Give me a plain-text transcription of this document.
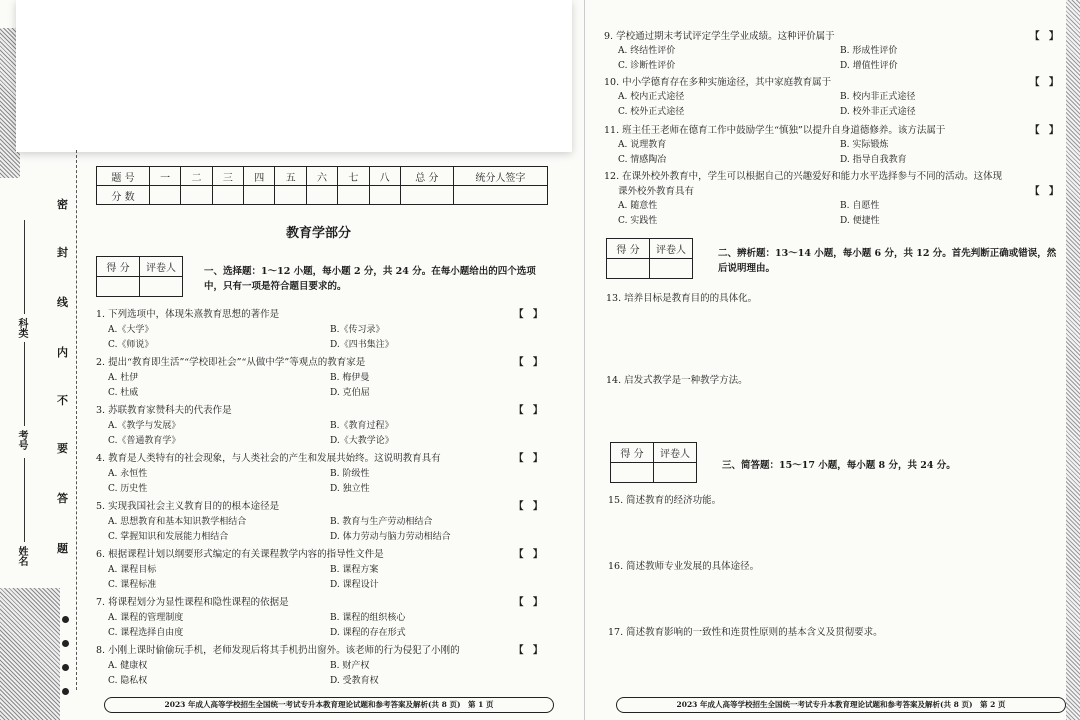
科类
考号
姓名
密
封
线
内
不
要
答
题
题 号	一	二	三	四	五	六	七	八	总 分	统分人签字
分 数										
教育学部分
得 分	评卷人
		一、选择题：1～12 小题，每小题 2 分，共 24 分。在每小题给出的四个选项中，只有一项是符合题目要求的。
1. 下列选项中，体现朱熹教育思想的著作是	【　】
A.《大学》	B.《传习录》
C.《师说》	D.《四书集注》
2. 提出“教育即生活”“学校即社会”“从做中学”等观点的教育家是	【　】
A. 杜伊	B. 梅伊曼
C. 杜威	D. 克伯屈
3. 苏联教育家赞科夫的代表作是	【　】
A.《教学与发展》	B.《教育过程》
C.《普通教育学》	D.《大教学论》
4. 教育是人类特有的社会现象，与人类社会的产生和发展共始终。这说明教育具有	【　】
A. 永恒性	B. 阶级性
C. 历史性	D. 独立性
5. 实现我国社会主义教育目的的根本途径是	【　】
A. 思想教育和基本知识教学相结合	B. 教育与生产劳动相结合
C. 掌握知识和发展能力相结合	D. 体力劳动与脑力劳动相结合
6. 根据课程计划以纲要形式编定的有关课程教学内容的指导性文件是	【　】
A. 课程目标	B. 课程方案
C. 课程标准	D. 课程设计
7. 将课程划分为显性课程和隐性课程的依据是	【　】
A. 课程的管理制度	B. 课程的组织核心
C. 课程选择自由度	D. 课程的存在形式
8. 小刚上课时偷偷玩手机，老师发现后将其手机扔出窗外。该老师的行为侵犯了小刚的	【　】
A. 健康权	B. 财产权
C. 隐私权	D. 受教育权
9. 学校通过期末考试评定学生学业成绩。这种评价属于	【　】
A. 终结性评价	B. 形成性评价
C. 诊断性评价	D. 增值性评价
10. 中小学德育存在多种实施途径，其中家庭教育属于	【　】
A. 校内正式途径	B. 校内非正式途径
C. 校外正式途径	D. 校外非正式途径
11. 班主任王老师在德育工作中鼓励学生“慎独”以提升自身道德修养。该方法属于	【　】
A. 说理教育	B. 实际锻炼
C. 情感陶冶	D. 指导自我教育
12. 在课外校外教育中，学生可以根据自己的兴趣爱好和能力水平选择参与不同的活动。这体现
课外校外教育具有	【　】
A. 随意性	B. 自愿性
C. 实践性	D. 便捷性
得 分	评卷人
		二、辨析题：13～14 小题，每小题 6 分，共 12 分。首先判断正确或错误，然后说明理由。
13. 培养目标是教育目的的具体化。
14. 启发式教学是一种教学方法。
得 分	评卷人

三、简答题：15～17 小题，每小题 8 分，共 24 分。
15. 简述教育的经济功能。
16. 简述教师专业发展的具体途径。
17. 简述教育影响的一致性和连贯性原则的基本含义及贯彻要求。
2023 年成人高等学校招生全国统一考试专升本教育理论试题和参考答案及解析(共 8 页)　第 1 页	2023 年成人高等学校招生全国统一考试专升本教育理论试题和参考答案及解析(共 8 页)　第 2 页
